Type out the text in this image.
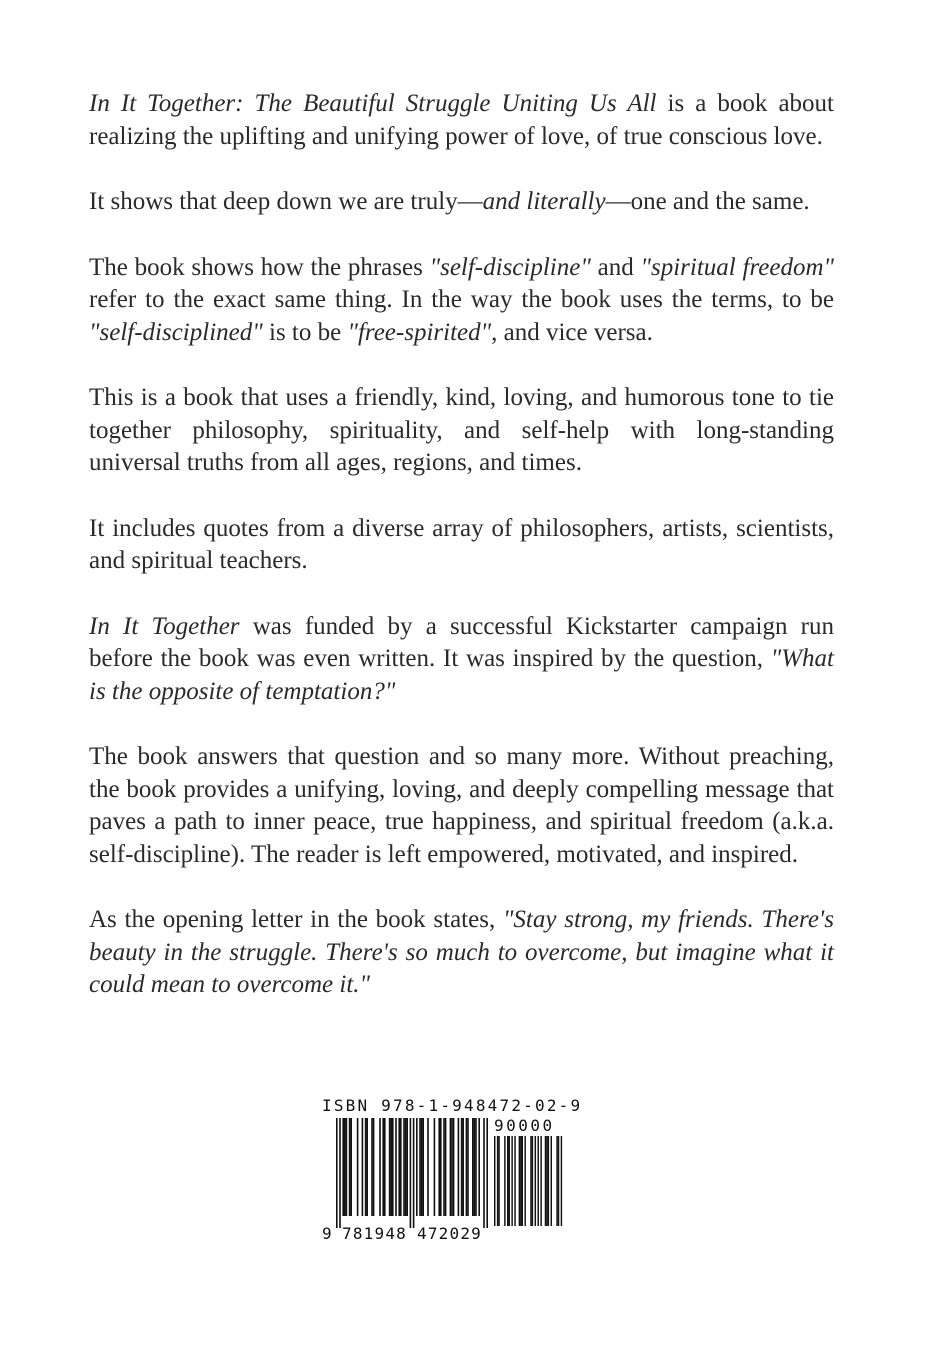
In It Together: The Beautiful Struggle Uniting Us All is a book about realizing the uplifting and unifying power of love, of true conscious love.

It shows that deep down we are truly—and literally—one and the same.

The book shows how the phrases "self-discipline" and "spiritual freedom" refer to the exact same thing. In the way the book uses the terms, to be "self-disciplined" is to be "free-spirited", and vice versa.

This is a book that uses a friendly, kind, loving, and humorous tone to tie together philosophy, spirituality, and self-help with long-standing universal truths from all ages, regions, and times.

It includes quotes from a diverse array of philosophers, artists, scientists, and spiritual teachers.

In It Together was funded by a successful Kickstarter campaign run before the book was even written. It was inspired by the question, "What is the opposite of temptation?"

The book answers that question and so many more. Without preaching, the book provides a unifying, loving, and deeply compelling message that paves a path to inner peace, true happiness, and spiritual freedom (a.k.a. self-discipline). The reader is left empowered, motivated, and inspired.

As the opening letter in the book states, "Stay strong, my friends. There's beauty in the struggle. There's so much to overcome, but imagine what it could mean to overcome it."

ISBN 978-1-948472-02-9
90000
9 781948 472029
